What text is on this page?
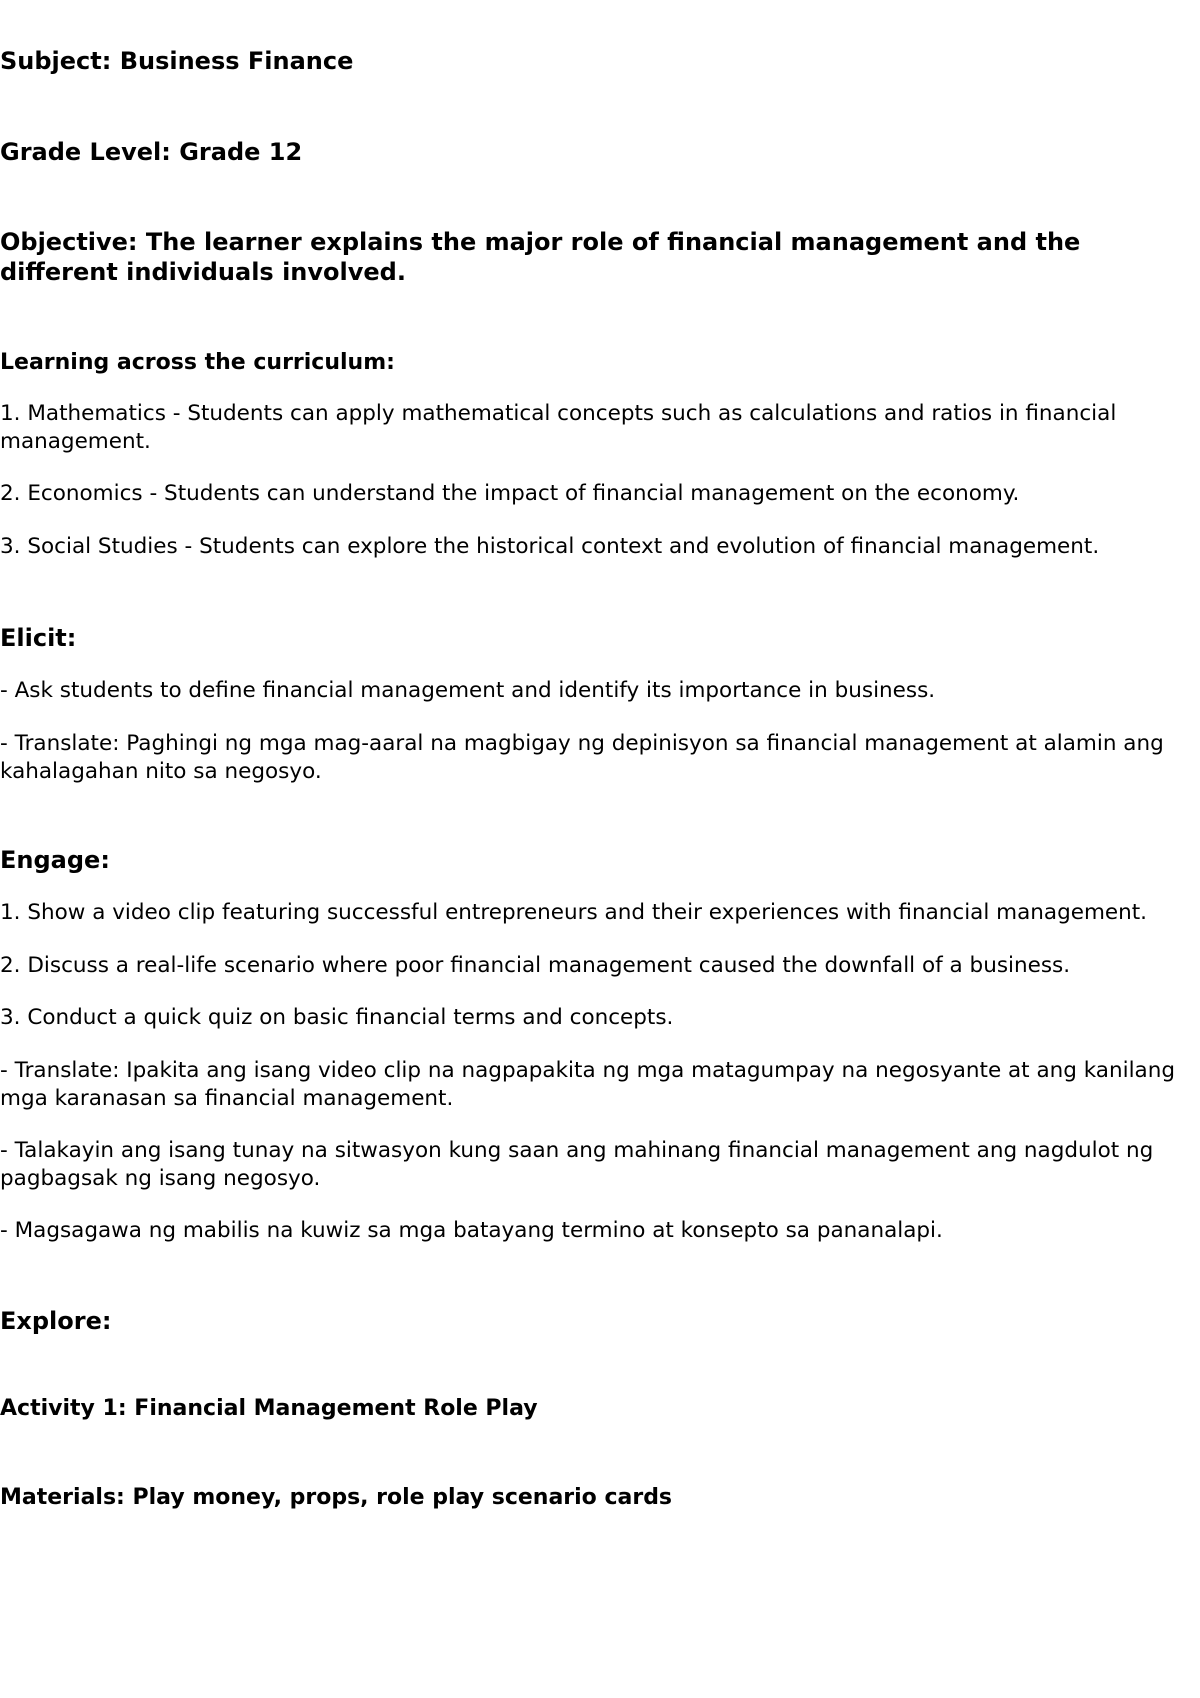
Subject: Business Finance

Grade Level: Grade 12

Objective: The learner explains the major role of financial management and the different individuals involved.

Learning across the curriculum:

1. Mathematics - Students can apply mathematical concepts such as calculations and ratios in financial management.

2. Economics - Students can understand the impact of financial management on the economy.

3. Social Studies - Students can explore the historical context and evolution of financial management.

Elicit:

- Ask students to define financial management and identify its importance in business.

- Translate: Paghingi ng mga mag-aaral na magbigay ng depinisyon sa financial management at alamin ang kahalagahan nito sa negosyo.

Engage:

1. Show a video clip featuring successful entrepreneurs and their experiences with financial management.

2. Discuss a real-life scenario where poor financial management caused the downfall of a business.

3. Conduct a quick quiz on basic financial terms and concepts.

- Translate: Ipakita ang isang video clip na nagpapakita ng mga matagumpay na negosyante at ang kanilang mga karanasan sa financial management.

- Talakayin ang isang tunay na sitwasyon kung saan ang mahinang financial management ang nagdulot ng pagbagsak ng isang negosyo.

- Magsagawa ng mabilis na kuwiz sa mga batayang termino at konsepto sa pananalapi.

Explore:

Activity 1: Financial Management Role Play

Materials: Play money, props, role play scenario cards
